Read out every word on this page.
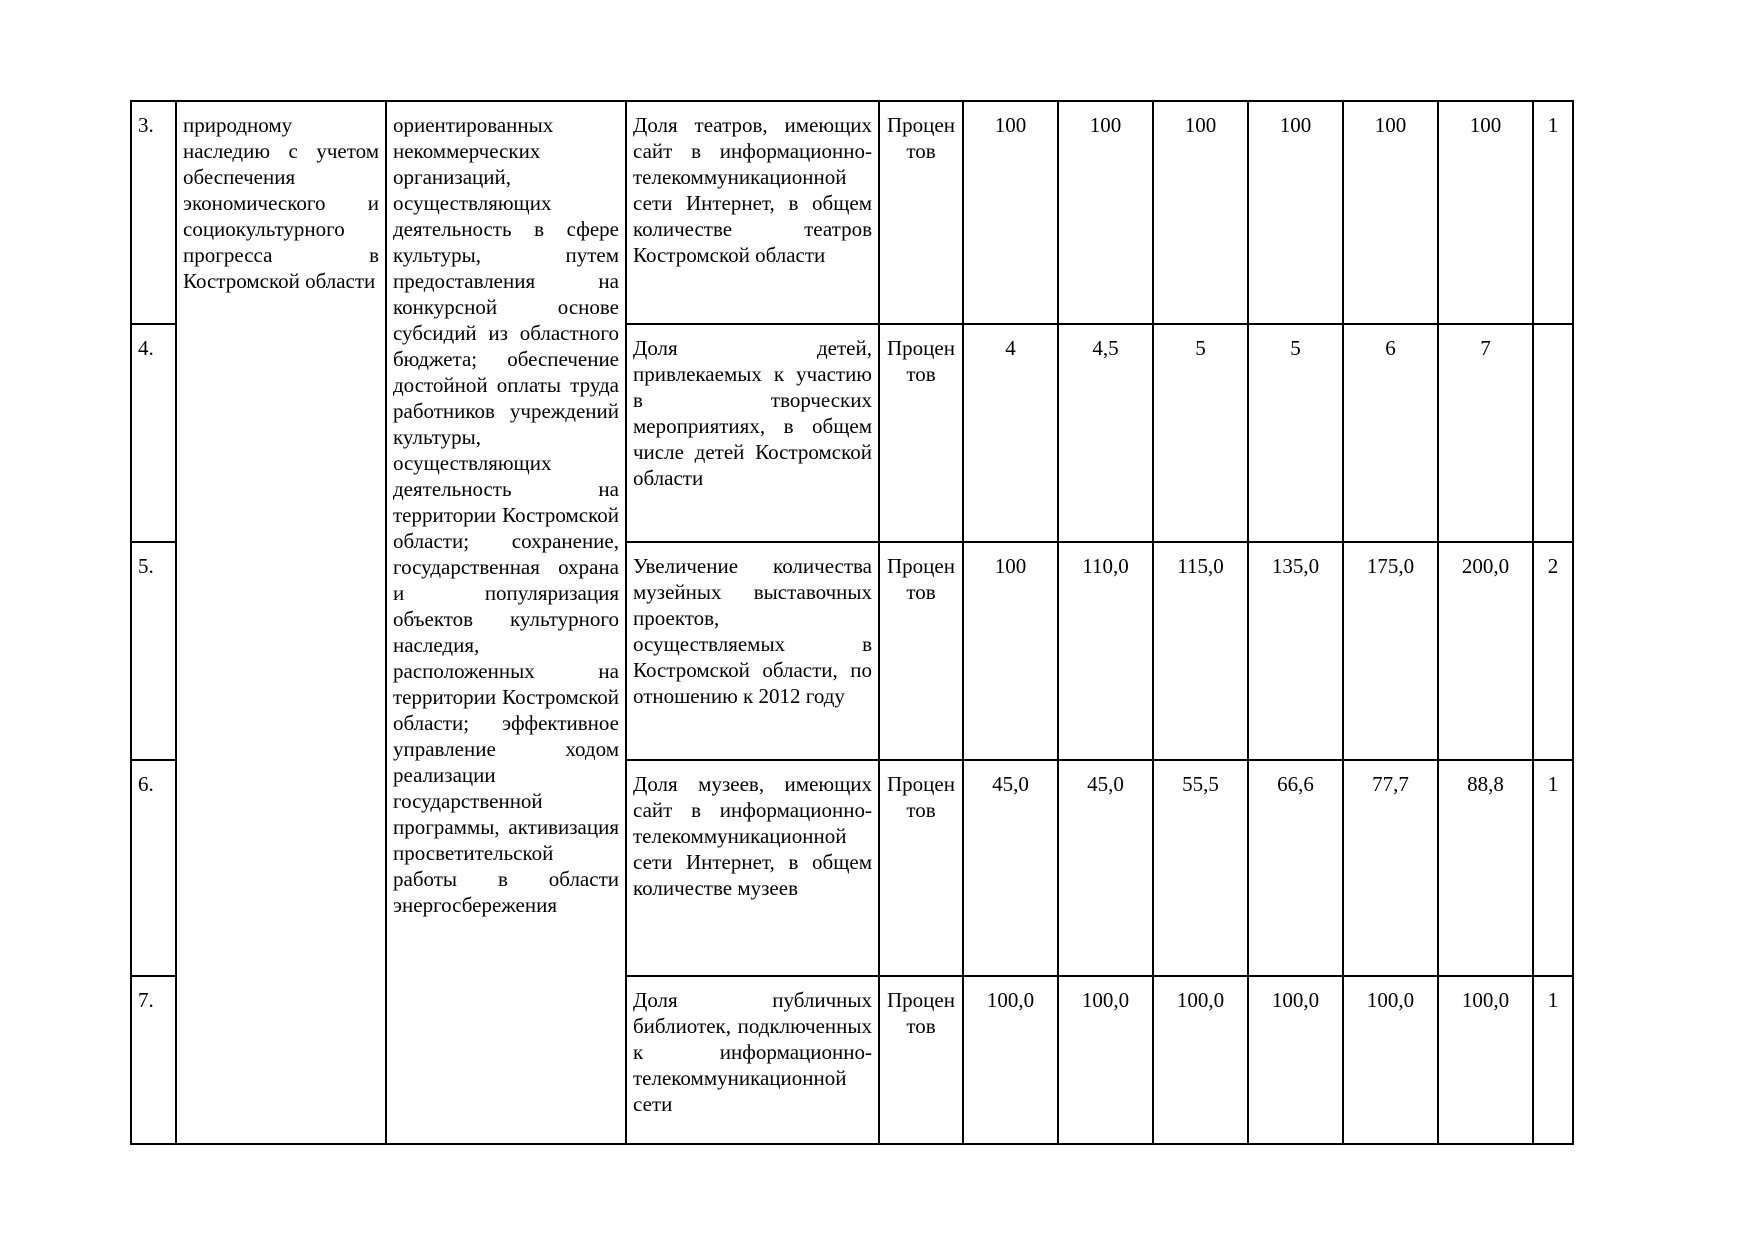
3.	природному наследию с учетом обеспечения экономического и социокультурного прогресса в Костромской области	ориентированных некоммерческих организаций, осуществляющих деятельность в сфере культуры, путем предоставления на конкурсной основе субсидий из областного бюджета; обеспечение достойной оплаты труда работников учреждений культуры, осуществляющих деятельность на территории Костромской области; сохранение, государственная охрана и популяризация объектов культурного наследия, расположенных на территории Костромской области; эффективное управление ходом реализации государственной программы, активизация просветительской работы в области энергосбережения	Доля театров, имеющих сайт в информационно-телекоммуникационной сети Интернет, в общем количестве театров Костромской области	Процентов	100	100	100	100	100	100	1
4.			Доля детей, привлекаемых к участию в творческих мероприятиях, в общем числе детей Костромской области	Процентов	4	4,5	5	5	6	7	
5.			Увеличение количества музейных выставочных проектов, осуществляемых в Костромской области, по отношению к 2012 году	Процентов	100	110,0	115,0	135,0	175,0	200,0	2
6.			Доля музеев, имеющих сайт в информационно-телекоммуникационной сети Интернет, в общем количестве музеев	Процентов	45,0	45,0	55,5	66,6	77,7	88,8	1
7.			Доля публичных библиотек, подключенных к информационно-телекоммуникационной сети	Процентов	100,0	100,0	100,0	100,0	100,0	100,0	1
